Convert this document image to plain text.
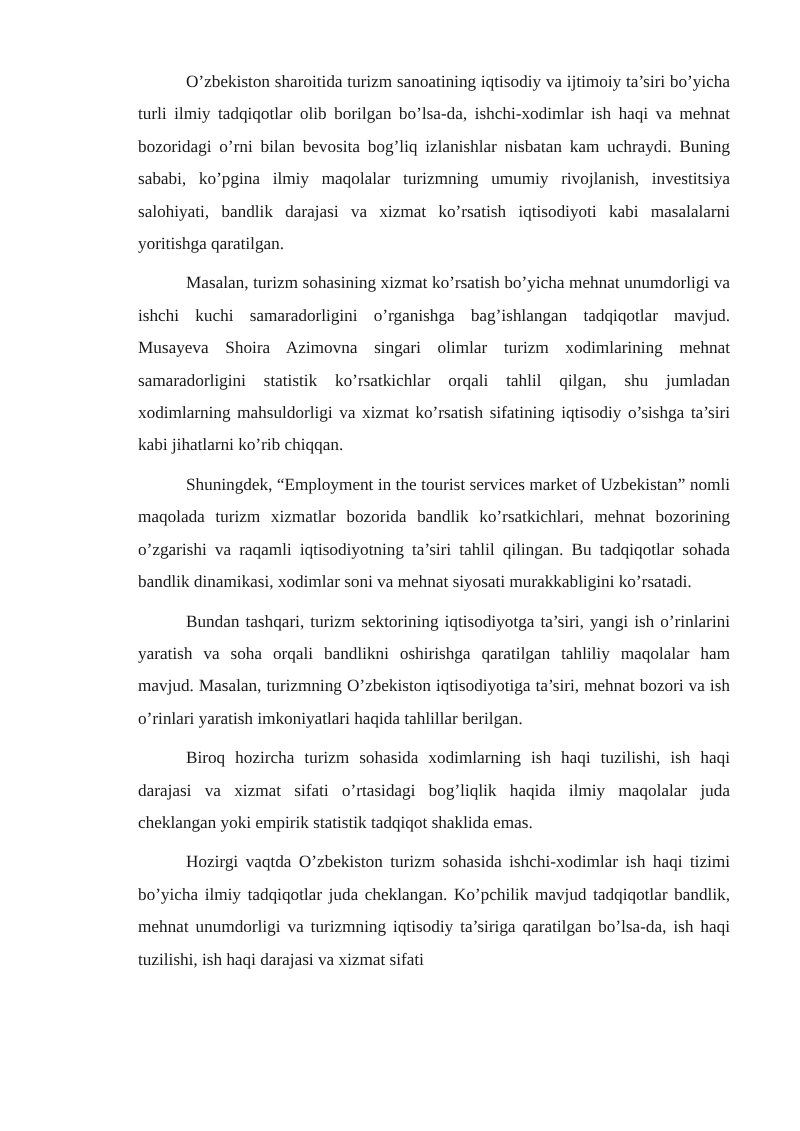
O’zbekiston sharoitida turizm sanoatining iqtisodiy va ijtimoiy ta’siri bo’yicha turli ilmiy tadqiqotlar olib borilgan bo’lsa-da, ishchi-xodimlar ish haqi va mehnat bozoridagi o’rni bilan bevosita bog’liq izlanishlar nisbatan kam uchraydi. Buning sababi, ko’pgina ilmiy maqolalar turizmning umumiy rivojlanish, investitsiya salohiyati, bandlik darajasi va xizmat ko’rsatish iqtisodiyoti kabi masalalarni yoritishga qaratilgan.

Masalan, turizm sohasining xizmat ko’rsatish bo’yicha mehnat unumdorligi va ishchi kuchi samaradorligini o’rganishga bag’ishlangan tadqiqotlar mavjud. Musayeva Shoira Azimovna singari olimlar turizm xodimlarining mehnat samaradorligini statistik ko’rsatkichlar orqali tahlil qilgan, shu jumladan xodimlarning mahsuldorligi va xizmat ko’rsatish sifatining iqtisodiy o’sishga ta’siri kabi jihatlarni ko’rib chiqqan.

Shuningdek, “Employment in the tourist services market of Uzbekistan” nomli maqolada turizm xizmatlar bozorida bandlik ko’rsatkichlari, mehnat bozorining o’zgarishi va raqamli iqtisodiyotning ta’siri tahlil qilingan. Bu tadqiqotlar sohada bandlik dinamikasi, xodimlar soni va mehnat siyosati murakkabligini ko’rsatadi.

Bundan tashqari, turizm sektorining iqtisodiyotga ta’siri, yangi ish o’rinlarini yaratish va soha orqali bandlikni oshirishga qaratilgan tahliliy maqolalar ham mavjud. Masalan, turizmning O’zbekiston iqtisodiyotiga ta’siri, mehnat bozori va ish o’rinlari yaratish imkoniyatlari haqida tahlillar berilgan.

Biroq hozircha turizm sohasida xodimlarning ish haqi tuzilishi, ish haqi darajasi va xizmat sifati o’rtasidagi bog’liqlik haqida ilmiy maqolalar juda cheklangan yoki empirik statistik tadqiqot shaklida emas.

Hozirgi vaqtda O’zbekiston turizm sohasida ishchi-xodimlar ish haqi tizimi bo’yicha ilmiy tadqiqotlar juda cheklangan. Ko’pchilik mavjud tadqiqotlar bandlik, mehnat unumdorligi va turizmning iqtisodiy ta’siriga qaratilgan bo’lsa-da, ish haqi tuzilishi, ish haqi darajasi va xizmat sifati
